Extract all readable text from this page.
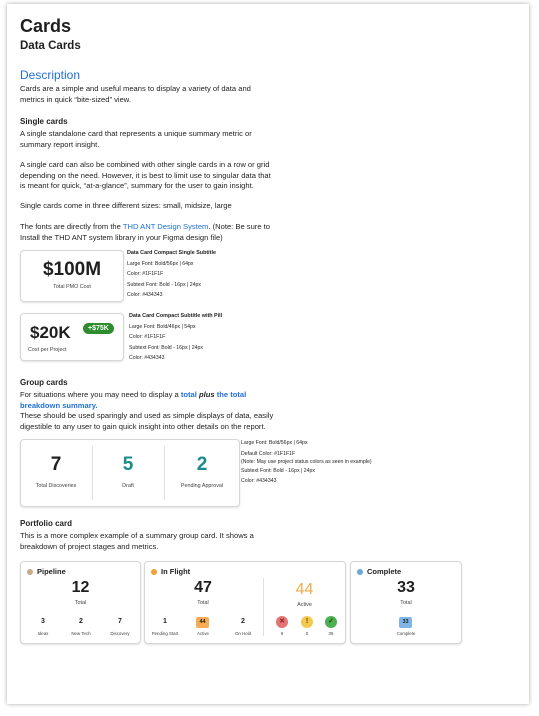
Cards
Data Cards
Description
Cards are a simple and useful means to display a variety of data and metrics in quick “bite-sized” view.
Single cards
A single standalone card that represents a unique summary metric or summary report insight.
A single card can also be combined with other single cards in a row or grid depending on the need. However, it is best to limit use to singular data that is meant for quick, “at-a-glance”, summary for the user to gain insight.
Single cards come in three different sizes: small, midsize, large
The fonts are directly from the THD ANT Design System. (Note: Be sure to Install the THD ANT system library in your Figma design file)
$100M
Total PMO Cost
Data Card Compact Single Subtitle
Large Font: Bold/56px | 64px
Color: #1F1F1F
Subtext Font: Bold - 16px | 24px
Color: #434343
$20K	+$75K
Cost per Project
Data Card Compact Subtitle with Pill
Large Font: Bold/46px | 54px
Color: #1F1F1F
Subtext Font: Bold - 16px | 24px
Color: #434343
Group cards
For situations where you may need to display a total plus the total breakdown summary.
These should be used sparingly and used as simple displays of data, easily digestible to any user to gain quick insight into other details on the report.
7
Total Discoveries
5
Draft
2
Pending Approval
Large Font: Bold/56px | 64px
Default Color: #1F1F1F
(Note: May use project status colors as seen in example)
Subtext Font: Bold - 16px | 24px
Color: #434343
Portfolio card
This is a more complex example of a summary group card. It shows a breakdown of project stages and metrics.
Pipeline
12
Total
3
Ideas
2
New Tech
7
Discovery
In Flight
47
Total
1
Pending Start
44
Active
2
On Hold
44
Active
✕
9
!
0
✓
35
Complete
33
Total
33
Complete
